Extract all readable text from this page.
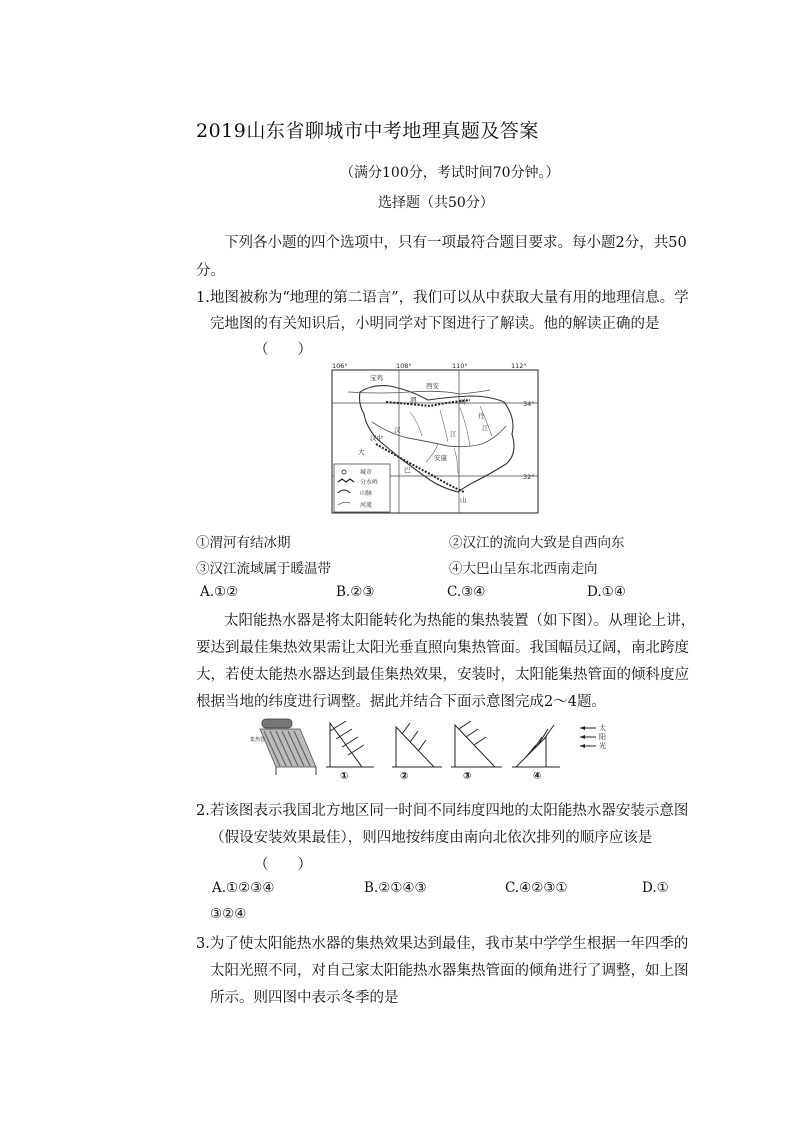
2019山东省聊城市中考地理真题及答案
（满分100分，考试时间70分钟。）
选择题（共50分）
下列各小题的四个选项中，只有一项最符合题目要求。每小题2分，共50
分。
1.地图被称为“地理的第二语言”，我们可以从中获取大量有用的地理信息。学
完地图的有关知识后，小明同学对下图进行了解读。他的解读正确的是
（　　）
106°	108°	110°	112°
34°
32°
宝鸡
西安
汉中
安康
渭	岭
汉	江
丹
江
巴
山
大
城市
分水岭
山脉
河流
①渭河有结冰期	②汉江的流向大致是自西向东
③汉江流域属于暖温带	④大巴山呈东北西南走向
A.①②	B.②③	C.③④	D.①④
太阳能热水器是将太阳能转化为热能的集热装置（如下图）。从理论上讲，
要达到最佳集热效果需让太阳光垂直照向集热管面。我国幅员辽阔，南北跨度
大，若使太能热水器达到最佳集热效果，安装时，太阳能集热管面的倾科度应
根据当地的纬度进行调整。据此并结合下面示意图完成2～4题。
集热管
太
阳
光
①	②	③	④
2.若该图表示我国北方地区同一时间不同纬度四地的太阳能热水器安装示意图
（假设安装效果最佳），则四地按纬度由南向北依次排列的顺序应该是
（　　）
A.①②③④	B.②①④③	C.④②③①	D.①
③②④
3.为了使太阳能热水器的集热效果达到最佳，我市某中学学生根据一年四季的
太阳光照不同，对自己家太阳能热水器集热管面的倾角进行了调整，如上图
所示。则四图中表示冬季的是
